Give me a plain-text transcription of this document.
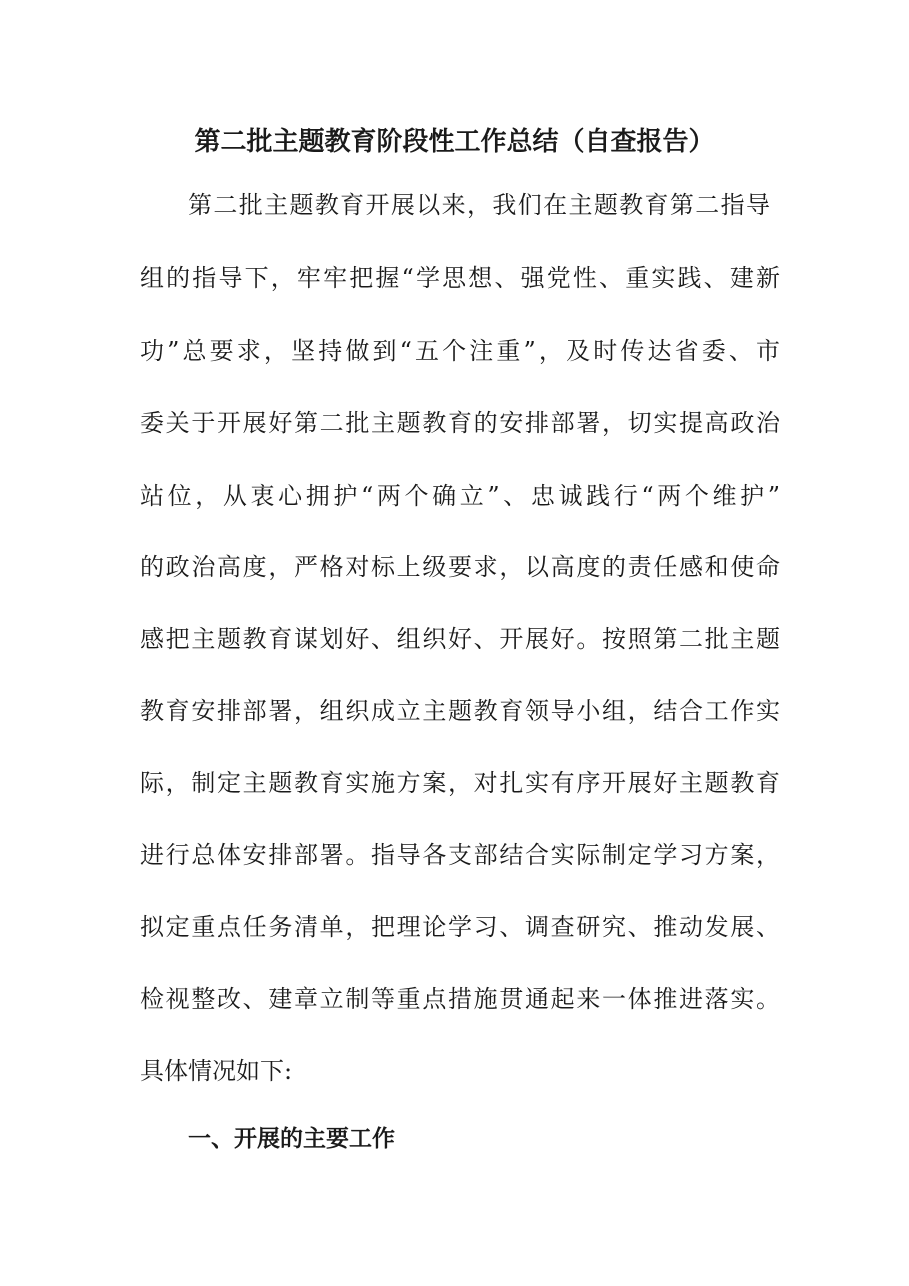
第二批主题教育阶段性工作总结（自查报告）

第二批主题教育开展以来，我们在主题教育第二指导

组的指导下，牢牢把握“学思想、强党性、重实践、建新

功”总要求，坚持做到“五个注重”，及时传达省委、市

委关于开展好第二批主题教育的安排部署，切实提高政治

站位，从衷心拥护“两个确立”、忠诚践行“两个维护”

的政治高度，严格对标上级要求，以高度的责任感和使命

感把主题教育谋划好、组织好、开展好。按照第二批主题

教育安排部署，组织成立主题教育领导小组，结合工作实

际，制定主题教育实施方案，对扎实有序开展好主题教育

进行总体安排部署。指导各支部结合实际制定学习方案，

拟定重点任务清单，把理论学习、调查研究、推动发展、

检视整改、建章立制等重点措施贯通起来一体推进落实。

具体情况如下:

一、开展的主要工作
